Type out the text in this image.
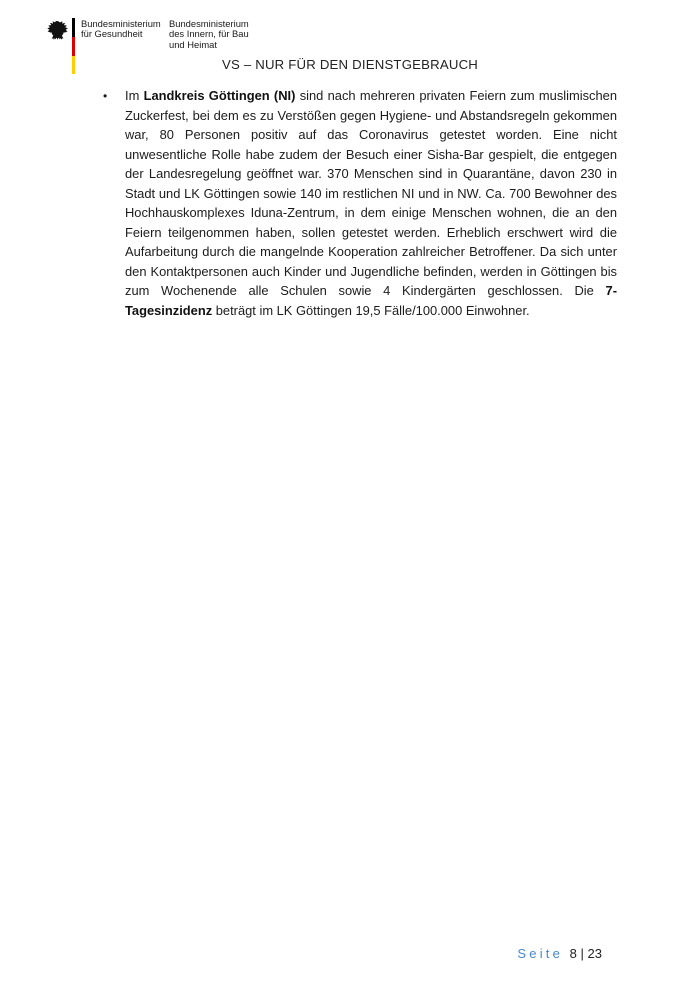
Bundesministerium
für Gesundheit
Bundesministerium
des Innern, für Bau
und Heimat
VS – NUR FÜR DEN DIENSTGEBRAUCH
• Im Landkreis Göttingen (NI) sind nach mehreren privaten Feiern zum muslimischen Zuckerfest, bei dem es zu Verstößen gegen Hygiene- und Abstandsregeln gekommen war, 80 Personen positiv auf das Coronavirus getestet worden. Eine nicht unwesentliche Rolle habe zudem der Besuch einer Sisha-Bar gespielt, die entgegen der Landesregelung geöffnet war. 370 Menschen sind in Quarantäne, davon 230 in Stadt und LK Göttingen sowie 140 im restlichen NI und in NW. Ca. 700 Bewohner des Hochhauskomplexes Iduna-Zentrum, in dem einige Menschen wohnen, die an den Feiern teilgenommen haben, sollen getestet werden. Erheblich erschwert wird die Aufarbeitung durch die mangelnde Kooperation zahlreicher Betroffener. Da sich unter den Kontaktpersonen auch Kinder und Jugendliche befinden, werden in Göttingen bis zum Wochenende alle Schulen sowie 4 Kindergärten geschlossen. Die 7-Tagesinzidenz beträgt im LK Göttingen 19,5 Fälle/100.000 Einwohner.

Seite 8 | 23
